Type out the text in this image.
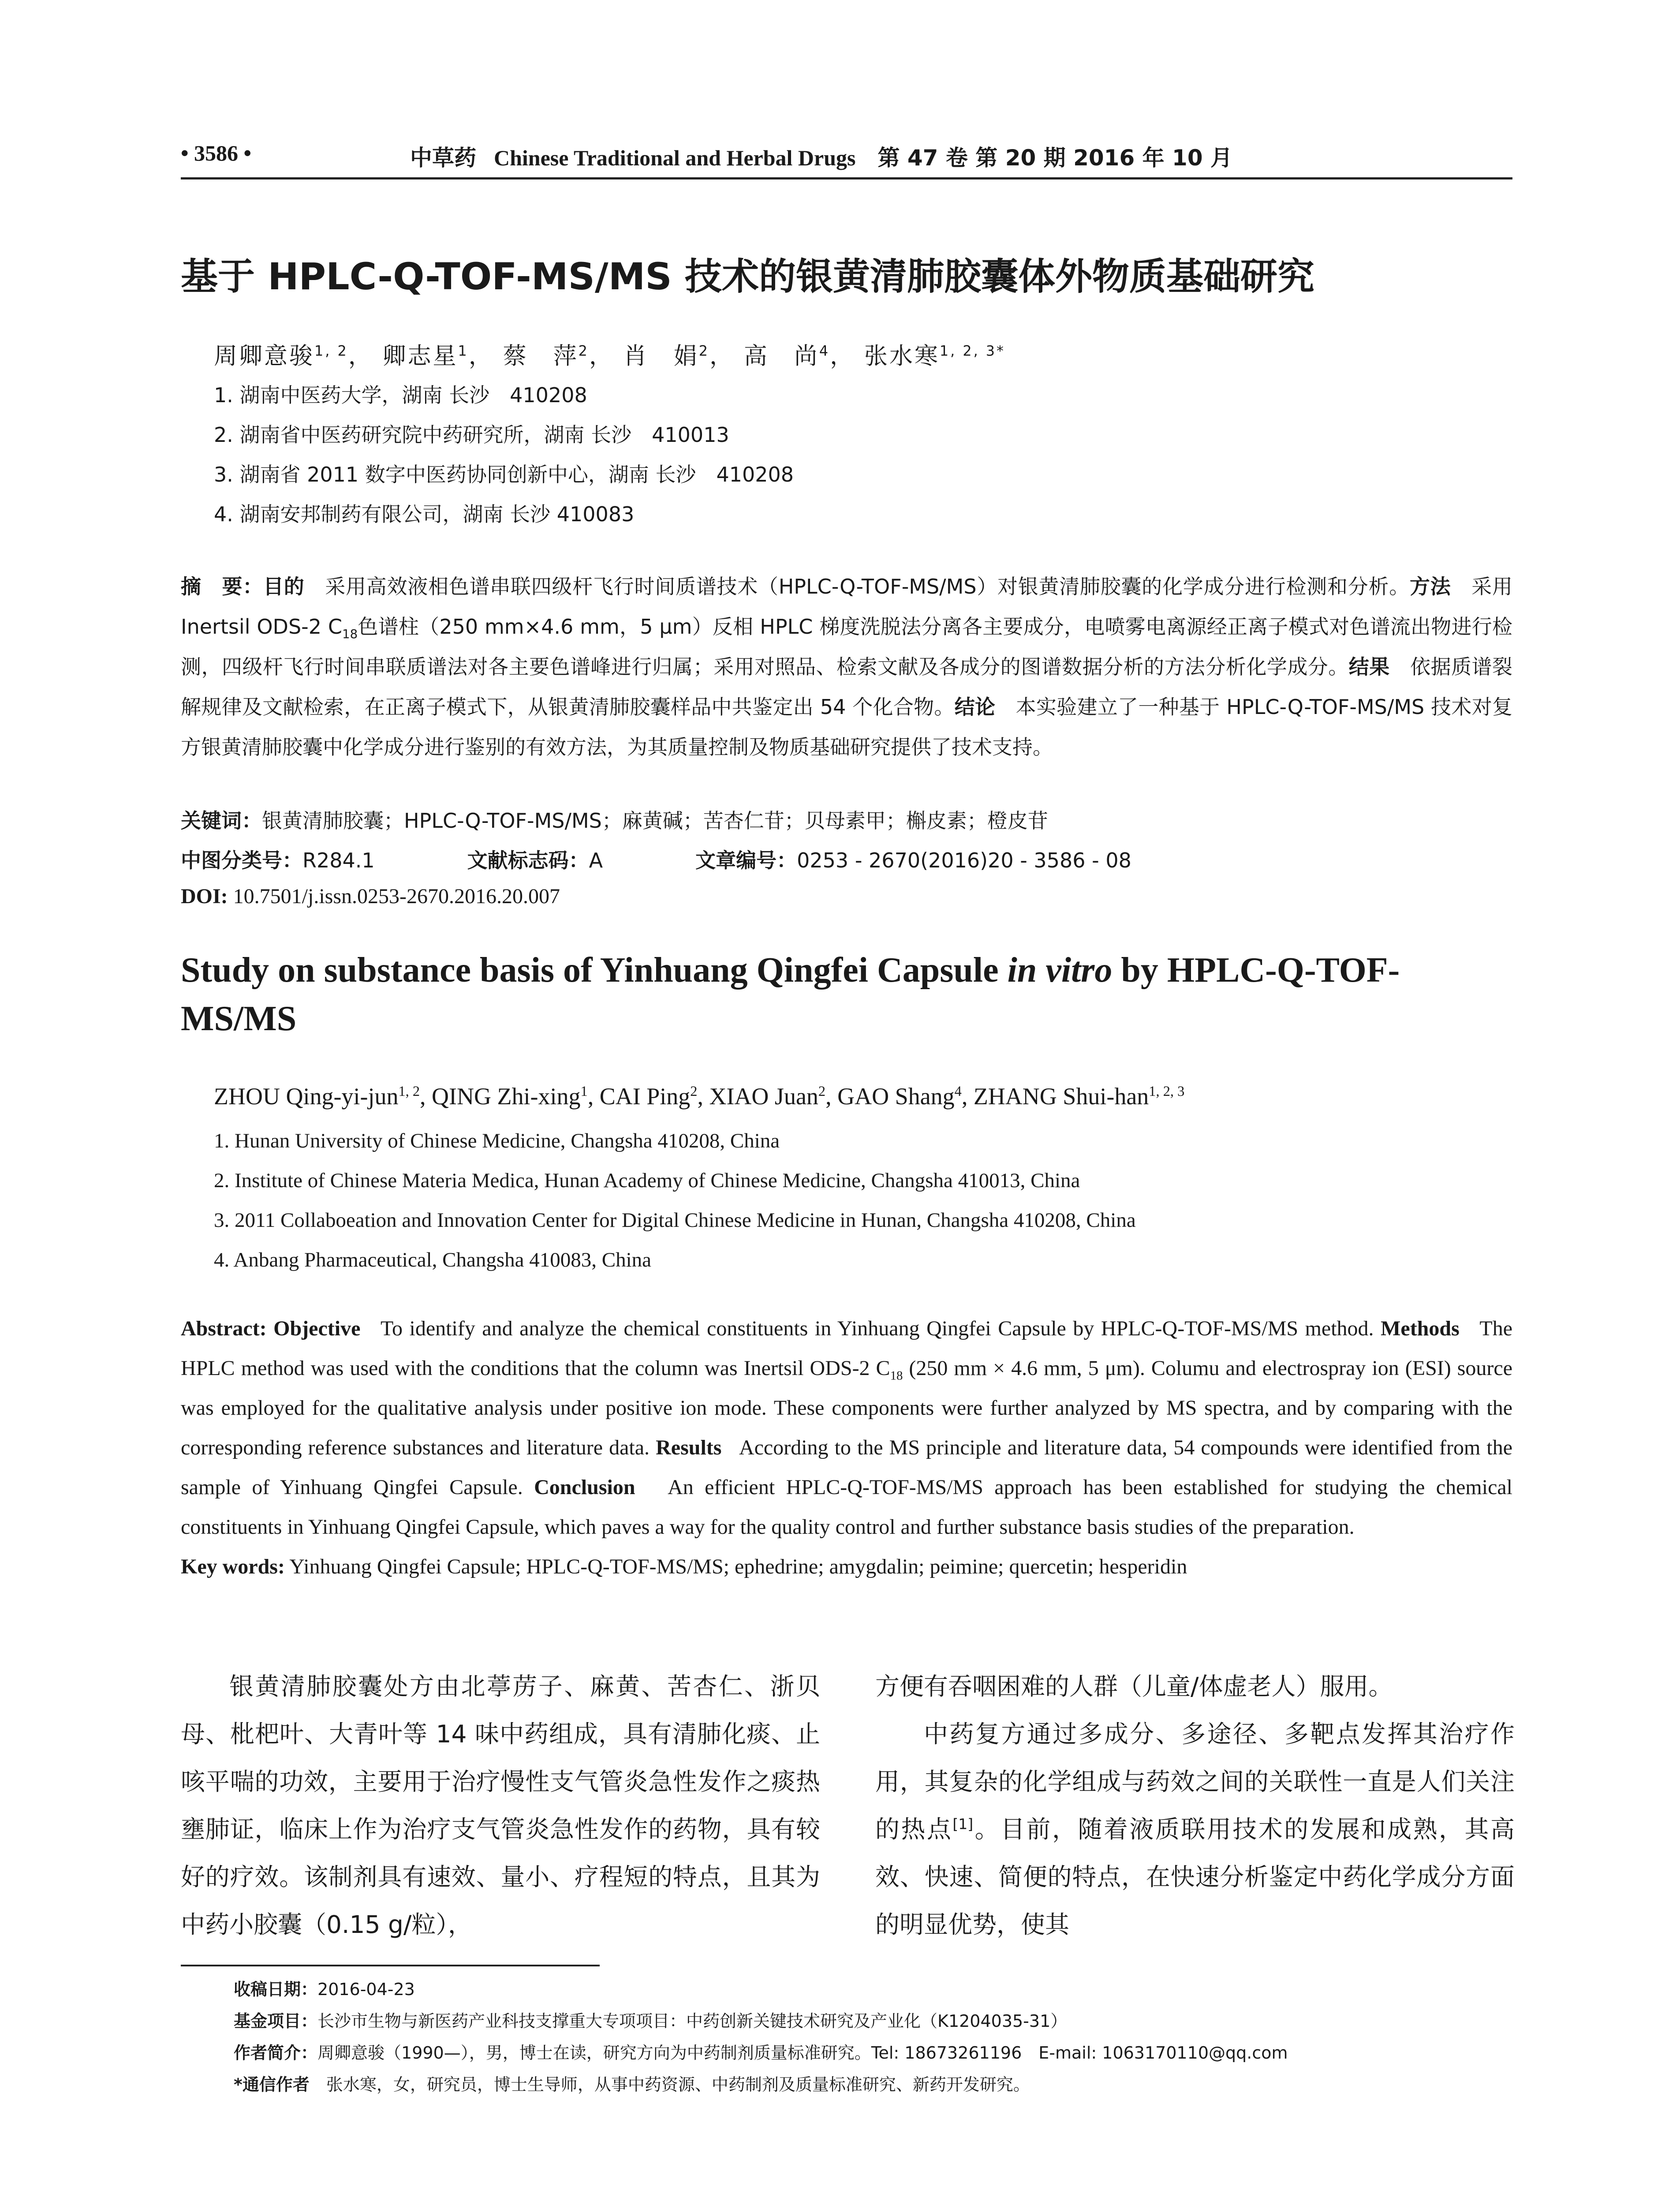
• 3586 •	中草药 Chinese Traditional and Herbal Drugs 第 47 卷 第 20 期 2016 年 10 月
基于 HPLC-Q-TOF-MS/MS 技术的银黄清肺胶囊体外物质基础研究
周卿意骏$^{1, 2}$， 卿志星$^1$， 蔡　萍$^2$， 肖　娟$^2$， 高　尚$^4$， 张水寒$^{1, 2, 3*}$
1. 湖南中医药大学，湖南 长沙　410208
2. 湖南省中医药研究院中药研究所，湖南 长沙　410013
3. 湖南省 2011 数字中医药协同创新中心，湖南 长沙　410208
4. 湖南安邦制药有限公司，湖南 长沙 410083
摘　要：目的　 采用高效液相色谱串联四级杆飞行时间质谱技术（HPLC-Q-TOF-MS/MS）对银黄清肺胶囊的化学成分进行检测和分析。方法　 采用 Inertsil ODS-2 $C_{18}$色谱柱（250 mm×4.6 mm，5 μm）反相 HPLC 梯度洗脱法分离各主要成分，电喷雾电离源经正离子模式对色谱流出物进行检测，四级杆飞行时间串联质谱法对各主要色谱峰进行归属；采用对照品、检索文献及各成分的图谱数据分析的方法分析化学成分。结果　 依据质谱裂解规律及文献检索，在正离子模式下，从银黄清肺胶囊样品中共鉴定出 54 个化合物。结论　 本实验建立了一种基于 HPLC-Q-TOF-MS/MS 技术对复方银黄清肺胶囊中化学成分进行鉴别的有效方法，为其质量控制及物质基础研究提供了技术支持。
关键词：银黄清肺胶囊；HPLC-Q-TOF-MS/MS；麻黄碱；苦杏仁苷；贝母素甲；槲皮素；橙皮苷
中图分类号：R284.1	文献标志码：A	文章编号：0253 - 2670(2016)20 - 3586 - 08
DOI: 10.7501/j.issn.0253-2670.2016.20.007
Study on substance basis of Yinhuang Qingfei Capsule in vitro by HPLC-Q-TOF-MS/MS
ZHOU Qing-yi-jun$^{1, 2}$, QING Zhi-xing$^1$, CAI Ping$^2$, XIAO Juan$^2$, GAO Shang$^4$, ZHANG Shui-han$^{1, 2, 3}$
1. Hunan University of Chinese Medicine, Changsha 410208, China
2. Institute of Chinese Materia Medica, Hunan Academy of Chinese Medicine, Changsha 410013, China
3. 2011 Collaboeation and Innovation Center for Digital Chinese Medicine in Hunan, Changsha 410208, China
4. Anbang Pharmaceutical, Changsha 410083, China
Abstract: Objective To identify and analyze the chemical constituents in Yinhuang Qingfei Capsule by HPLC-Q-TOF-MS/MS method. Methods The HPLC method was used with the conditions that the column was Inertsil ODS-2 $C_{18}$ (250 mm × 4.6 mm, 5 μm). Columu and electrospray ion (ESI) source was employed for the qualitative analysis under positive ion mode. These components were further analyzed by MS spectra, and by comparing with the corresponding reference substances and literature data. Results According to the MS principle and literature data, 54 compounds were identified from the sample of Yinhuang Qingfei Capsule. Conclusion An efficient HPLC-Q-TOF-MS/MS approach has been established for studying the chemical constituents in Yinhuang Qingfei Capsule, which paves a way for the quality control and further substance basis studies of the preparation.
Key words: Yinhuang Qingfei Capsule; HPLC-Q-TOF-MS/MS; ephedrine; amygdalin; peimine; quercetin; hesperidin

银黄清肺胶囊处方由北葶苈子、麻黄、苦杏仁、浙贝母、枇杷叶、大青叶等 14 味中药组成，具有清肺化痰、止咳平喘的功效，主要用于治疗慢性支气管炎急性发作之痰热壅肺证，临床上作为治疗支气管炎急性发作的药物，具有较好的疗效。该制剂具有速效、量小、疗程短的特点，且其为中药小胶囊（0.15 g/粒），

方便有吞咽困难的人群（儿童/体虚老人）服用。

中药复方通过多成分、多途径、多靶点发挥其治疗作用，其复杂的化学组成与药效之间的关联性一直是人们关注的热点[1]。目前，随着液质联用技术的发展和成熟，其高效、快速、简便的特点，在快速分析鉴定中药化学成分方面的明显优势，使其

收稿日期：2016-04-23
基金项目：长沙市生物与新医药产业科技支撑重大专项项目：中药创新关键技术研究及产业化（K1204035-31）
作者简介：周卿意骏（1990—），男，博士在读，研究方向为中药制剂质量标准研究。Tel: 18673261196　E-mail: 1063170110@qq.com
*通信作者　 张水寒，女，研究员，博士生导师，从事中药资源、中药制剂及质量标准研究、新药开发研究。
